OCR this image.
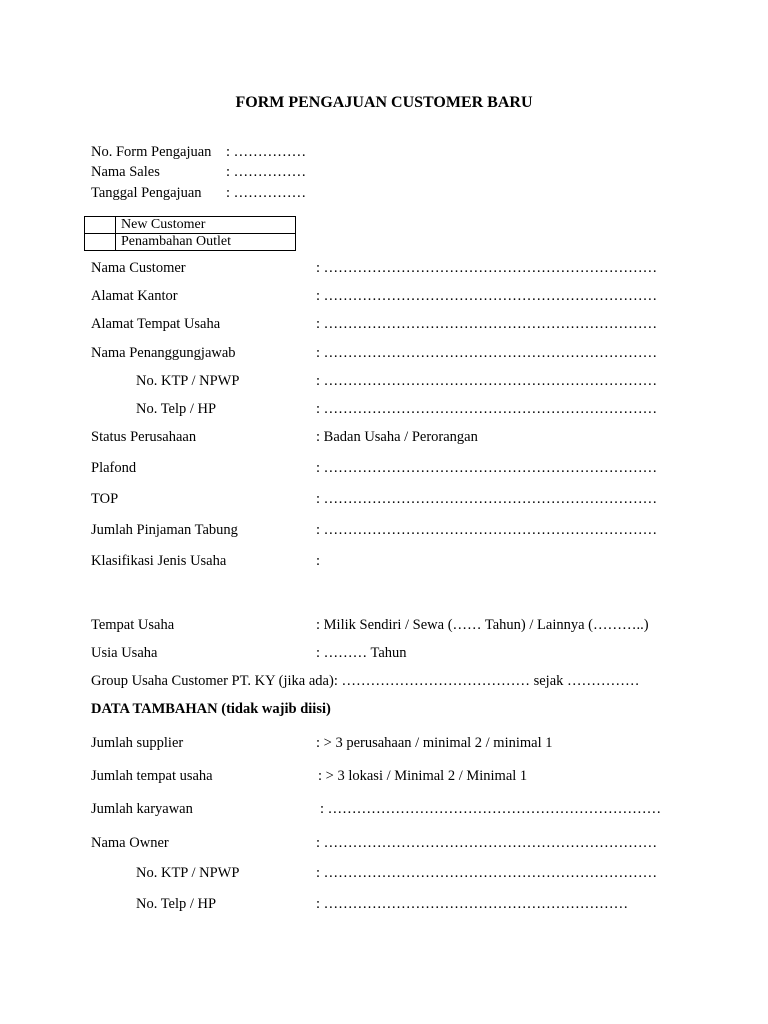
FORM PENGAJUAN CUSTOMER BARU
No. Form Pengajuan : ……………
Nama Sales	: ……………
Tanggal Pengajuan : ……………
	New Customer
	Penambahan Outlet
Nama Customer	: ……………………………………………………………
Alamat Kantor	: ……………………………………………………………
Alamat Tempat Usaha	: ……………………………………………………………
Nama Penanggungjawab	: ……………………………………………………………
No. KTP / NPWP	: ……………………………………………………………
No. Telp / HP	: ……………………………………………………………
Status Perusahaan	: Badan Usaha / Perorangan
Plafond	: ……………………………………………………………
TOP	: ……………………………………………………………
Jumlah Pinjaman Tabung	: ……………………………………………………………
Klasifikasi Jenis Usaha	:
Tempat Usaha	: Milik Sendiri / Sewa (…… Tahun) / Lainnya (………..)
Usia Usaha	: ……… Tahun
Group Usaha Customer PT. KY (jika ada): ………………………………… sejak ……………
DATA TAMBAHAN (tidak wajib diisi)
Jumlah supplier	: > 3 perusahaan / minimal 2 / minimal 1
Jumlah tempat usaha	: > 3 lokasi / Minimal 2 / Minimal 1
Jumlah karyawan	: ……………………………………………………………
Nama Owner	: ……………………………………………………………
No. KTP / NPWP	: ……………………………………………………………
No. Telp / HP	: ………………………………………………………
